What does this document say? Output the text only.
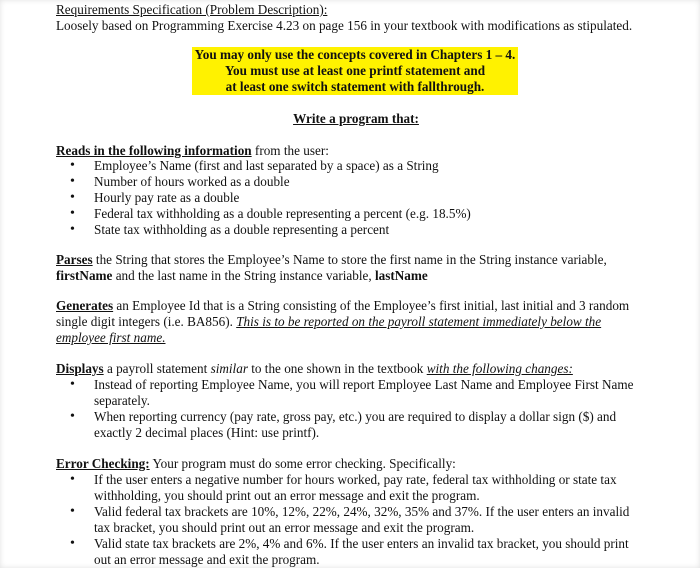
Requirements Specification (Problem Description):
Loosely based on Programming Exercise 4.23 on page 156 in your textbook with modifications as stipulated.
You may only use the concepts covered in Chapters 1 – 4.
You must use at least one printf statement and
at least one switch statement with fallthrough.
Write a program that:
Reads in the following information from the user:
• Employee’s Name (first and last separated by a space) as a String
• Number of hours worked as a double
• Hourly pay rate as a double
• Federal tax withholding as a double representing a percent (e.g. 18.5%)
• State tax withholding as a double representing a percent
Parses the String that stores the Employee’s Name to store the first name in the String instance variable,
firstName and the last name in the String instance variable, lastName
Generates an Employee Id that is a String consisting of the Employee’s first initial, last initial and 3 random
single digit integers (i.e. BA856). This is to be reported on the payroll statement immediately below the
employee first name.
Displays a payroll statement similar to the one shown in the textbook with the following changes:
• Instead of reporting Employee Name, you will report Employee Last Name and Employee First Name
separately.
• When reporting currency (pay rate, gross pay, etc.) you are required to display a dollar sign ($) and
exactly 2 decimal places (Hint: use printf).
Error Checking: Your program must do some error checking. Specifically:
• If the user enters a negative number for hours worked, pay rate, federal tax withholding or state tax
withholding, you should print out an error message and exit the program.
• Valid federal tax brackets are 10%, 12%, 22%, 24%, 32%, 35% and 37%. If the user enters an invalid
tax bracket, you should print out an error message and exit the program.
• Valid state tax brackets are 2%, 4% and 6%. If the user enters an invalid tax bracket, you should print
out an error message and exit the program.
